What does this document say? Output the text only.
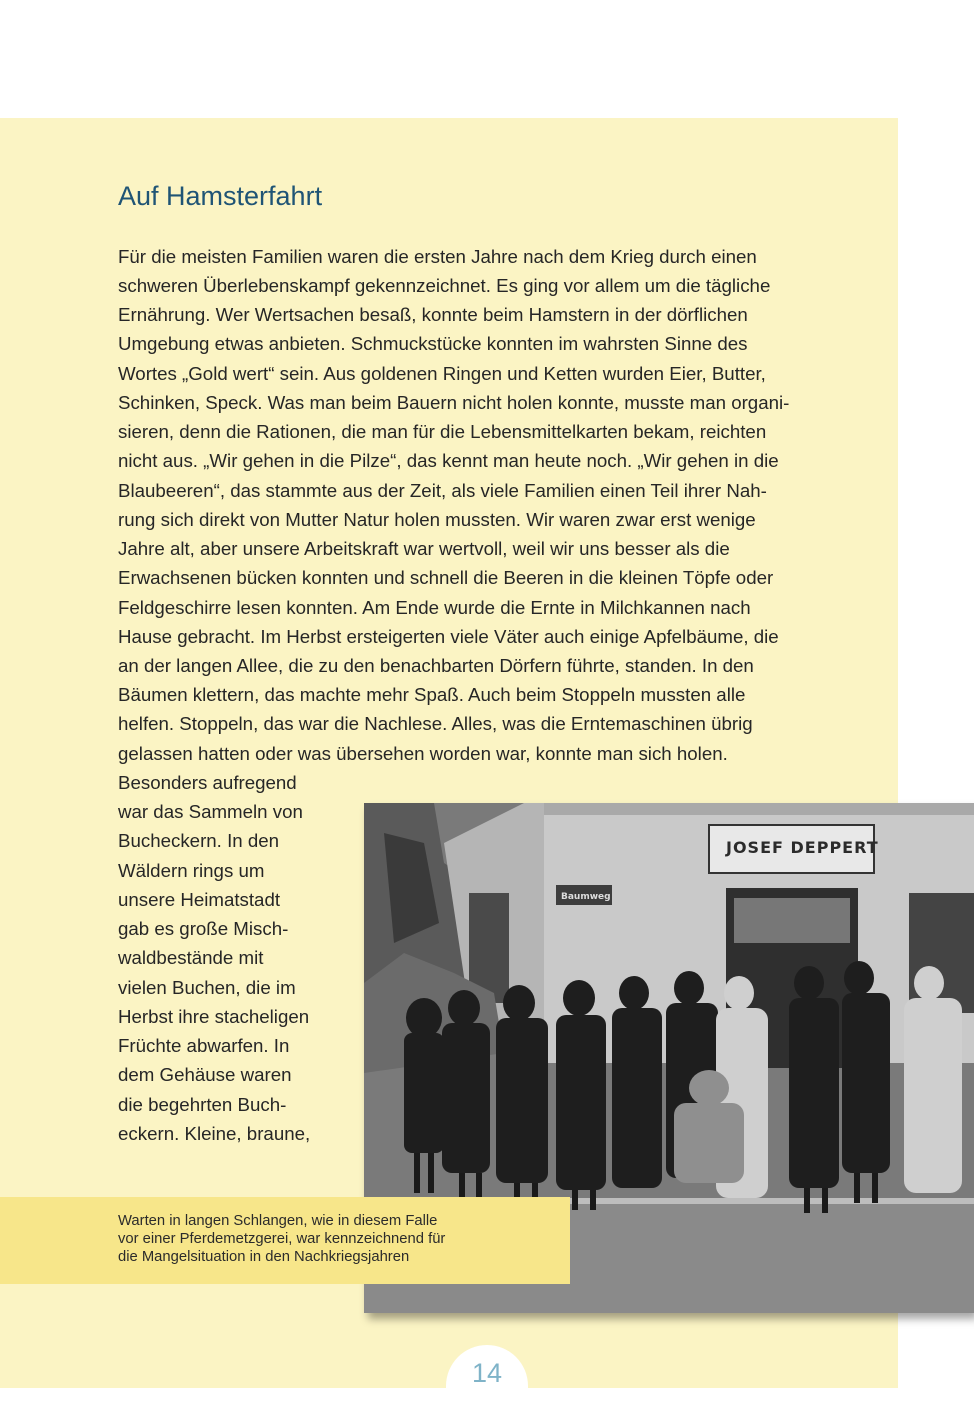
Auf Hamsterfahrt

Für die meisten Familien waren die ersten Jahre nach dem Krieg durch einen

schweren Überlebenskampf gekennzeichnet. Es ging vor allem um die tägliche

Ernährung. Wer Wertsachen besaß, konnte beim Hamstern in der dörflichen

Umgebung etwas anbieten. Schmuckstücke konnten im wahrsten Sinne des

Wortes „Gold wert“ sein. Aus goldenen Ringen und Ketten wurden Eier, Butter,

Schinken, Speck. Was man beim Bauern nicht holen konnte, musste man organi-

sieren, denn die Rationen, die man für die Lebensmittelkarten bekam, reichten

nicht aus. „Wir gehen in die Pilze“, das kennt man heute noch. „Wir gehen in die

Blaubeeren“, das stammte aus der Zeit, als viele Familien einen Teil ihrer Nah-

rung sich direkt von Mutter Natur holen mussten. Wir waren zwar erst wenige

Jahre alt, aber unsere Arbeitskraft war wertvoll, weil wir uns besser als die

Erwachsenen bücken konnten und schnell die Beeren in die kleinen Töpfe oder

Feldgeschirre lesen konnten. Am Ende wurde die Ernte in Milchkannen nach

Hause gebracht. Im Herbst ersteigerten viele Väter auch einige Apfelbäume, die

an der langen Allee, die zu den benachbarten Dörfern führte, standen. In den

Bäumen klettern, das machte mehr Spaß. Auch beim Stoppeln mussten alle

helfen. Stoppeln, das war die Nachlese. Alles, was die Erntemaschinen übrig

gelassen hatten oder was übersehen worden war, konnte man sich holen.

Besonders aufregend

war das Sammeln von

Bucheckern. In den

Wäldern rings um

unsere Heimatstadt

gab es große Misch-

waldbestände mit

vielen Buchen, die im

Herbst ihre stacheligen

Früchte abwarfen. In

dem Gehäuse waren

die begehrten Buch-

eckern. Kleine, braune,

JOSEF DEPPERT
Baumweg

Warten in langen Schlangen, wie in diesem Falle

vor einer Pferdemetzgerei, war kennzeichnend für

die Mangelsituation in den Nachkriegsjahren

14
